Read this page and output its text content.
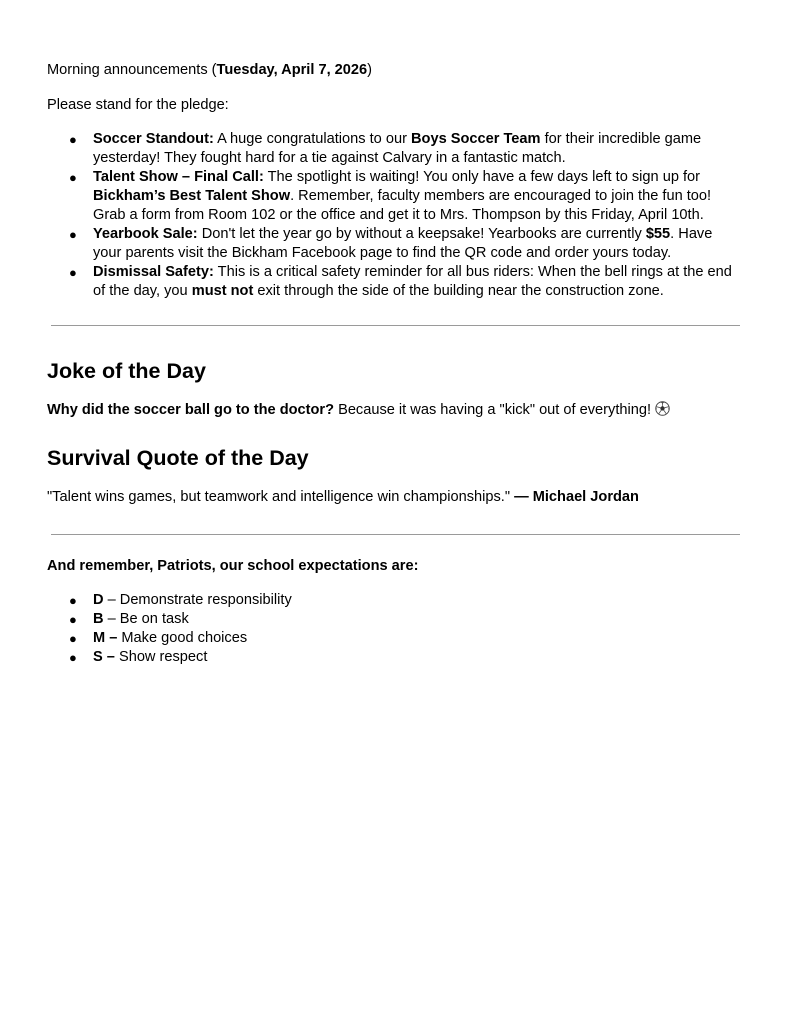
Morning announcements (Tuesday, April 7, 2026)
Please stand for the pledge:
● Soccer Standout: A huge congratulations to our Boys Soccer Team for their incredible game yesterday! They fought hard for a tie against Calvary in a fantastic match.
● Talent Show – Final Call: The spotlight is waiting! You only have a few days left to sign up for Bickham’s Best Talent Show. Remember, faculty members are encouraged to join the fun too! Grab a form from Room 102 or the office and get it to Mrs. Thompson by this Friday, April 10th.
● Yearbook Sale: Don't let the year go by without a keepsake! Yearbooks are currently $55. Have your parents visit the Bickham Facebook page to find the QR code and order yours today.
● Dismissal Safety: This is a critical safety reminder for all bus riders: When the bell rings at the end of the day, you must not exit through the side of the building near the construction zone.
Joke of the Day
Why did the soccer ball go to the doctor? Because it was having a "kick" out of everything!
Survival Quote of the Day
"Talent wins games, but teamwork and intelligence win championships." — Michael Jordan
And remember, Patriots, our school expectations are:
● D – Demonstrate responsibility
● B – Be on task
● M – Make good choices
● S – Show respect
